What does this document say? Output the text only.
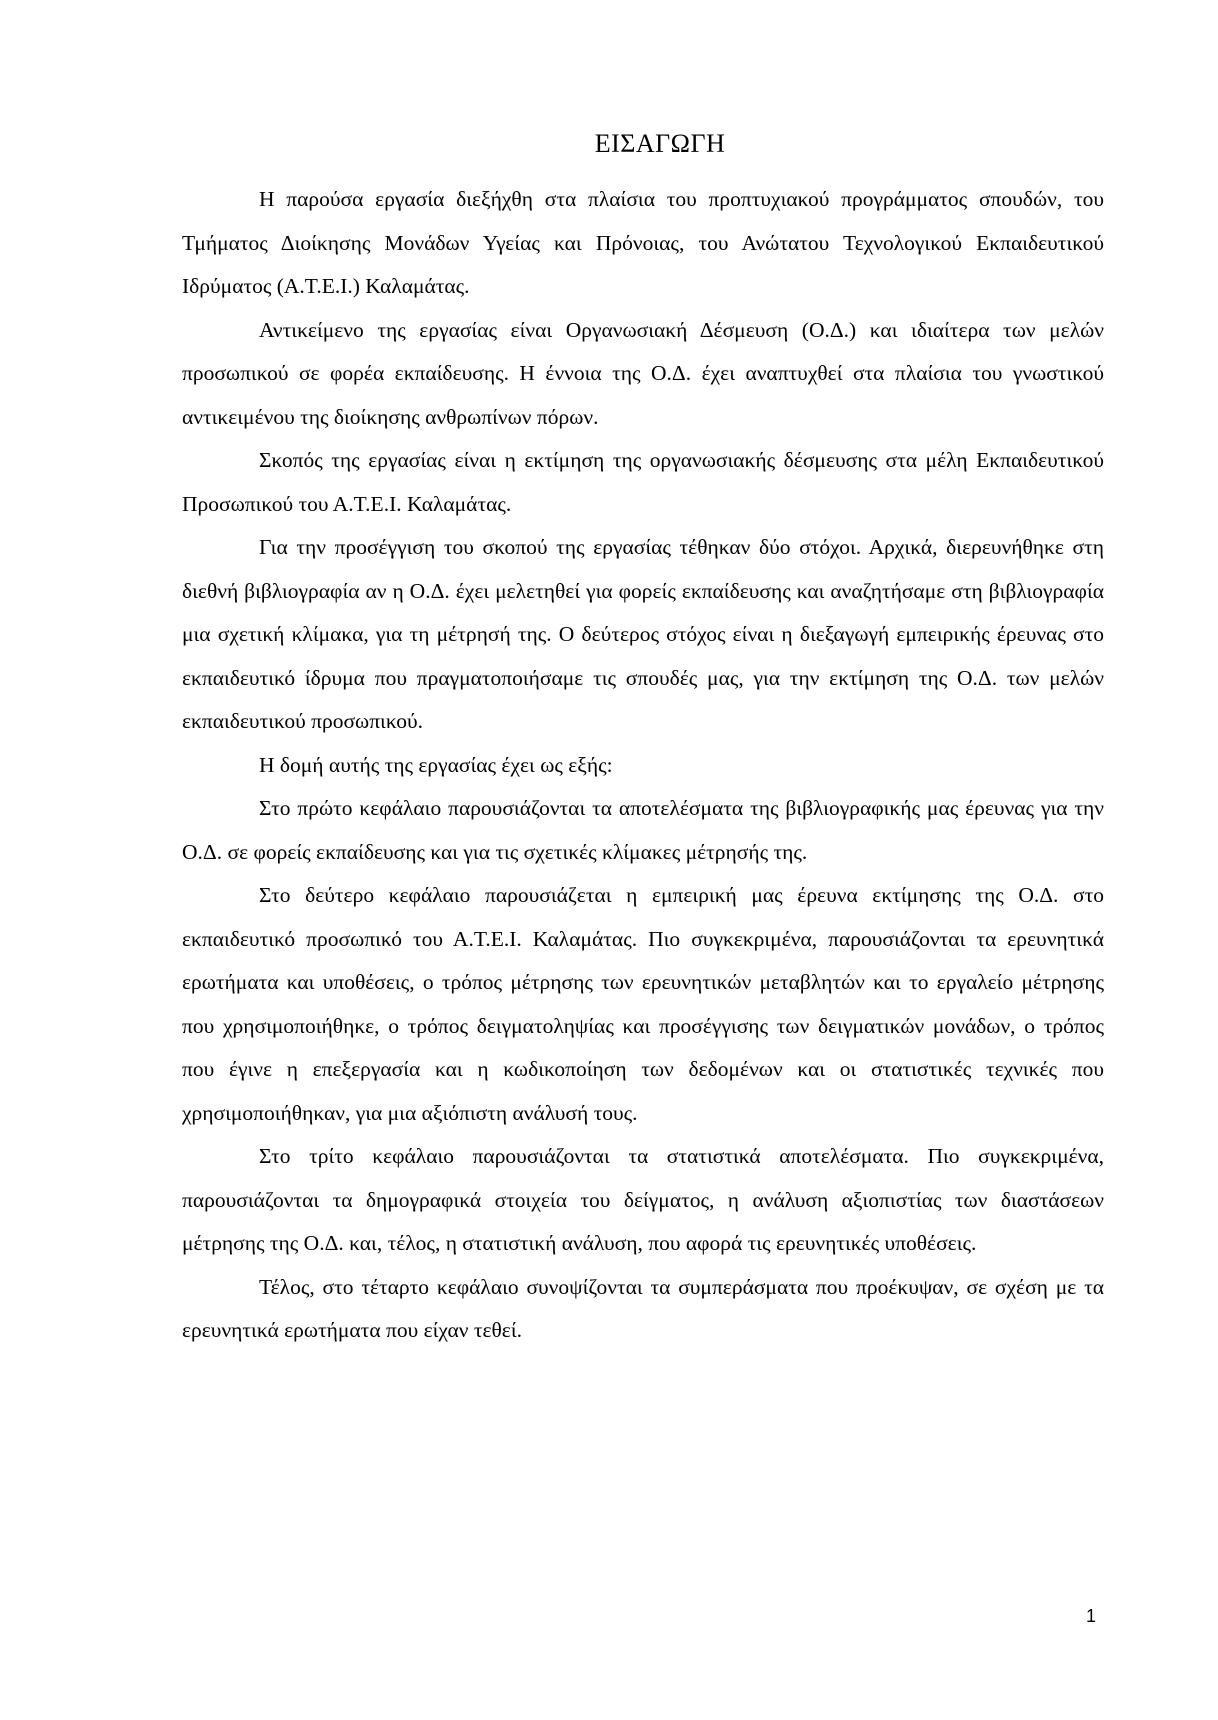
ΕΙΣΑΓΩΓΗ

Η παρούσα εργασία διεξήχθη στα πλαίσια του προπτυχιακού προγράμματος σπουδών, του Τμήματος Διοίκησης Μονάδων Υγείας και Πρόνοιας, του Ανώτατου Τεχνολογικού Εκπαιδευτικού Ιδρύματος (Α.Τ.Ε.Ι.) Καλαμάτας.

Αντικείμενο της εργασίας είναι Οργανωσιακή Δέσμευση (Ο.Δ.) και ιδιαίτερα των μελών προσωπικού σε φορέα εκπαίδευσης. Η έννοια της Ο.Δ. έχει αναπτυχθεί στα πλαίσια του γνωστικού αντικειμένου της διοίκησης ανθρωπίνων πόρων.

Σκοπός της εργασίας είναι η εκτίμηση της οργανωσιακής δέσμευσης στα μέλη Εκπαιδευτικού Προσωπικού του Α.Τ.Ε.Ι. Καλαμάτας.

Για την προσέγγιση του σκοπού της εργασίας τέθηκαν δύο στόχοι. Αρχικά, διερευνήθηκε στη διεθνή βιβλιογραφία αν η Ο.Δ. έχει μελετηθεί για φορείς εκπαίδευσης και αναζητήσαμε στη βιβλιογραφία μια σχετική κλίμακα, για τη μέτρησή της. Ο δεύτερος στόχος είναι η διεξαγωγή εμπειρικής έρευνας στο εκπαιδευτικό ίδρυμα που πραγματοποιήσαμε τις σπουδές μας, για την εκτίμηση της Ο.Δ. των μελών εκπαιδευτικού προσωπικού.

Η δομή αυτής της εργασίας έχει ως εξής:

Στο πρώτο κεφάλαιο παρουσιάζονται τα αποτελέσματα της βιβλιογραφικής μας έρευνας για την Ο.Δ. σε φορείς εκπαίδευσης και για τις σχετικές κλίμακες μέτρησής της.

Στο δεύτερο κεφάλαιο παρουσιάζεται η εμπειρική μας έρευνα εκτίμησης της Ο.Δ. στο εκπαιδευτικό προσωπικό του Α.Τ.Ε.Ι. Καλαμάτας. Πιο συγκεκριμένα, παρουσιάζονται τα ερευνητικά ερωτήματα και υποθέσεις, ο τρόπος μέτρησης των ερευνητικών μεταβλητών και το εργαλείο μέτρησης που χρησιμοποιήθηκε, ο τρόπος δειγματοληψίας και προσέγγισης των δειγματικών μονάδων, ο τρόπος που έγινε η επεξεργασία και η κωδικοποίηση των δεδομένων και οι στατιστικές τεχνικές που χρησιμοποιήθηκαν, για μια αξιόπιστη ανάλυσή τους.

Στο τρίτο κεφάλαιο παρουσιάζονται τα στατιστικά αποτελέσματα. Πιο συγκεκριμένα, παρουσιάζονται τα δημογραφικά στοιχεία του δείγματος, η ανάλυση αξιοπιστίας των διαστάσεων μέτρησης της Ο.Δ. και, τέλος, η στατιστική ανάλυση, που αφορά τις ερευνητικές υποθέσεις.

Τέλος, στο τέταρτο κεφάλαιο συνοψίζονται τα συμπεράσματα που προέκυψαν, σε σχέση με τα ερευνητικά ερωτήματα που είχαν τεθεί.

1
